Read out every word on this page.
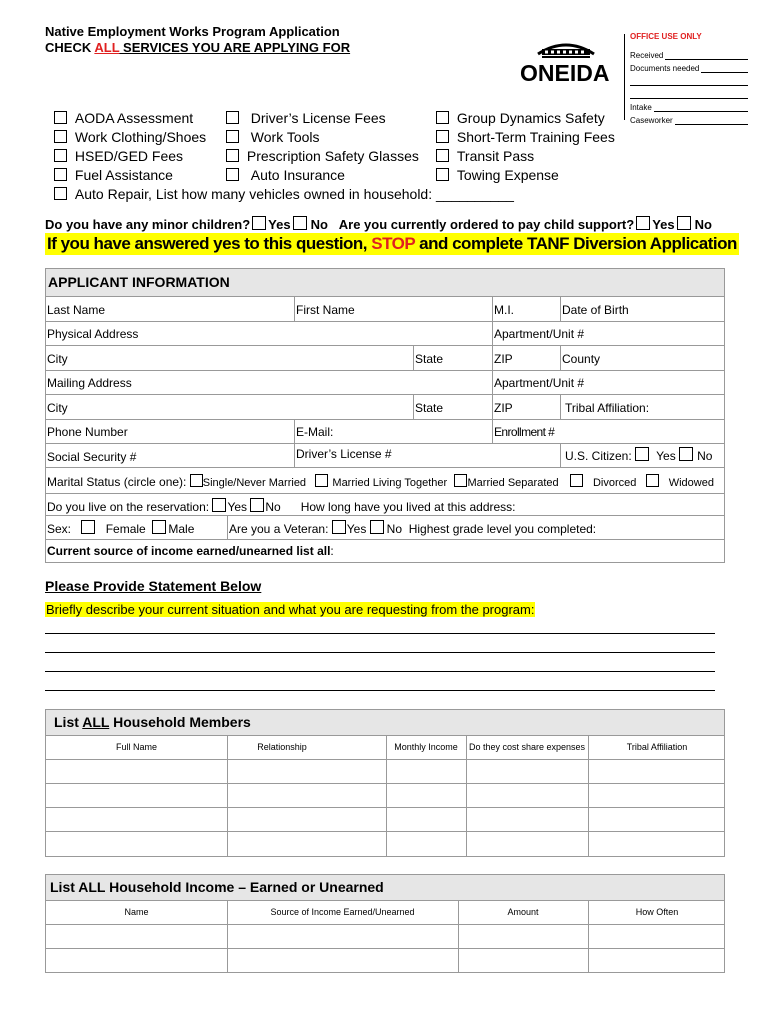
Native Employment Works Program Application
CHECK ALL SERVICES YOU ARE APPLYING FOR
ONEIDA
OFFICE USE ONLY
Received
Documents needed
Intake
Caseworker
AODA Assessment
Work Clothing/Shoes
HSED/GED Fees
Fuel Assistance
Driver’s License Fees
Work Tools
Prescription Safety Glasses
Auto Insurance
Group Dynamics Safety
Short-Term Training Fees
Transit Pass
Towing Expense
Auto Repair, List how many vehicles owned in household: __________
Do you have any minor children? Yes No Are you currently ordered to pay child support? Yes No
If you have answered yes to this question, STOP and complete TANF Diversion Application
APPLICANT INFORMATION
Last Name	First Name	M.I.	Date of Birth
Physical Address	Apartment/Unit #
City	State	ZIP	County
Mailing Address	Apartment/Unit #
City	State	ZIP	Tribal Affiliation:
Phone Number	E-Mail:	Enrollment #
Social Security #	Driver’s License #	U.S. Citizen: Yes No
Marital Status (circle one): Single/Never Married Married Living Together Married Separated	Divorced	Widowed
Do you live on the reservation: Yes No How long have you lived at this address:
Sex:	Female Male	Are you a Veteran: Yes No Highest grade level you completed:
Current source of income earned/unearned list all:
Please Provide Statement Below
Briefly describe your current situation and what you are requesting from the program:
List ALL Household Members
Full Name	Relationship	Monthly Income	Do they cost share expenses	Tribal Affiliation
List ALL Household Income – Earned or Unearned
Name	Source of Income Earned/Unearned	Amount	How Often
